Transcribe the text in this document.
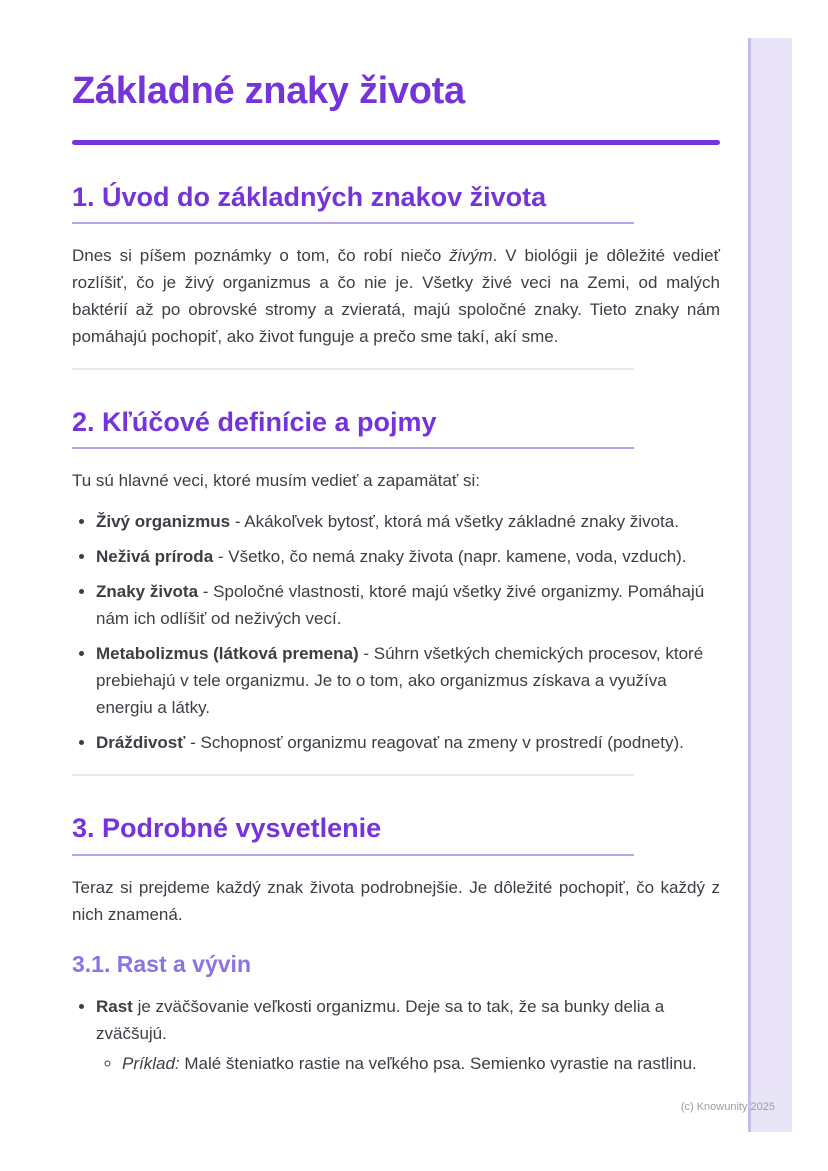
Základné znaky života
1. Úvod do základných znakov života

Dnes si píšem poznámky o tom, čo robí niečo živým. V biológii je dôležité vedieť rozlíšiť, čo je živý organizmus a čo nie je. Všetky živé veci na Zemi, od malých baktérií až po obrovské stromy a zvieratá, majú spoločné znaky. Tieto znaky nám pomáhajú pochopiť, ako život funguje a prečo sme takí, akí sme.

2. Kľúčové definície a pojmy

Tu sú hlavné veci, ktoré musím vedieť a zapamätať si:

• Živý organizmus - Akákoľvek bytosť, ktorá má všetky základné znaky života.
• Neživá príroda - Všetko, čo nemá znaky života (napr. kamene, voda, vzduch).
• Znaky života - Spoločné vlastnosti, ktoré majú všetky živé organizmy. Pomáhajú nám ich odlíšiť od neživých vecí.
• Metabolizmus (látková premena) - Súhrn všetkých chemických procesov, ktoré prebiehajú v tele organizmu. Je to o tom, ako organizmus získava a využíva energiu a látky.
• Dráždivosť - Schopnosť organizmu reagovať na zmeny v prostredí (podnety).
3. Podrobné vysvetlenie

Teraz si prejdeme každý znak života podrobnejšie. Je dôležité pochopiť, čo každý z nich znamená.

3.1. Rast a vývin
• Rast je zväčšovanie veľkosti organizmu. Deje sa to tak, že sa bunky delia a zväčšujú.
◦ Príklad: Malé šteniatko rastie na veľkého psa. Semienko vyrastie na rastlinu.
(c) Knowunity 2025
